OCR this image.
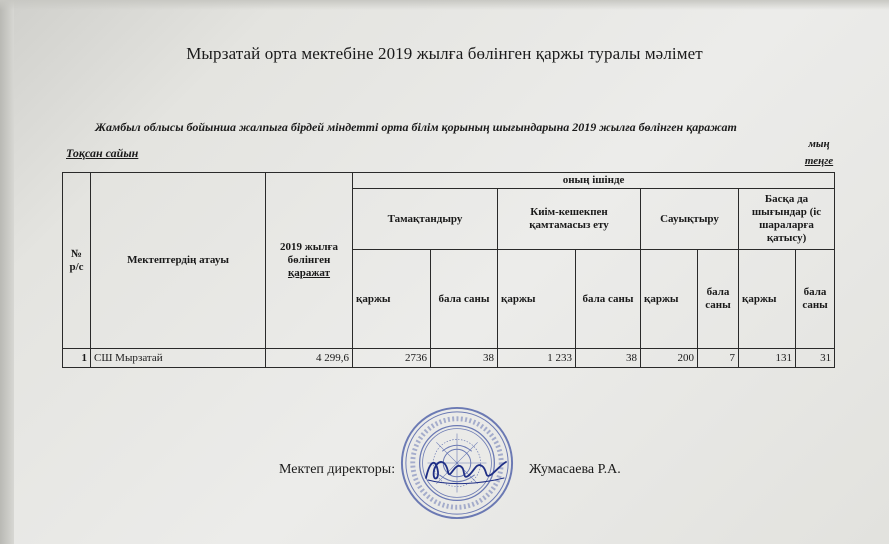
Мырзатай орта мектебіне 2019 жылға бөлінген қаржы туралы мәлімет
Жамбыл облысы бойынша жалпыға бірдей міндетті орта білім қорының шығындарына 2019 жылға бөлінген қаражат
Тоқсан сайын
мың
теңге
№ р/с	Мектептердің атауы	2019 жылға бөлінген қаражат	оның ішінде							
			Тамақтандыру		Киім-кешекпен қамтамасыз ету		Сауықтыру		Басқа да шығындар (іс шараларға қатысу)	
			қаржы	бала саны	қаржы	бала саны	қаржы	бала саны	қаржы	бала саны
1	СШ Мырзатай	4 299,6	2736	38	1 233	38	200	7	131	31
Мектеп директоры:	Жумасаева Р.А.
